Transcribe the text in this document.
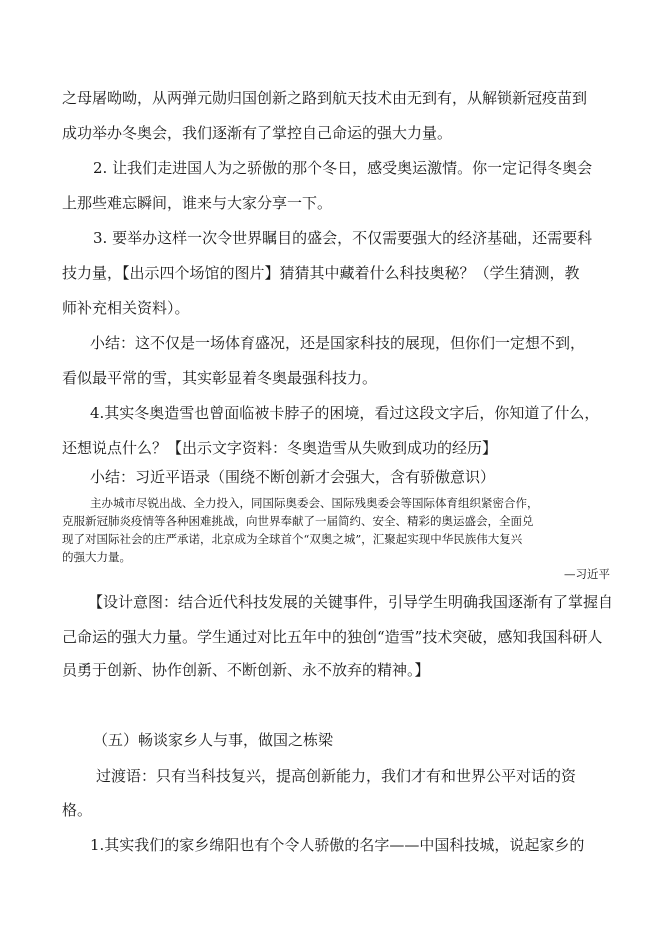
之母屠呦呦，从两弹元勋归国创新之路到航天技术由无到有，从解锁新冠疫苗到
成功举办冬奥会，我们逐渐有了掌控自己命运的强大力量。
2. 让我们走进国人为之骄傲的那个冬日，感受奥运激情。你一定记得冬奥会
上那些难忘瞬间，谁来与大家分享一下。
3. 要举办这样一次令世界瞩目的盛会，不仅需要强大的经济基础，还需要科
技力量，【出示四个场馆的图片】猜猜其中藏着什么科技奥秘？（学生猜测，教
师补充相关资料）。
小结：这不仅是一场体育盛况，还是国家科技的展现，但你们一定想不到，
看似最平常的雪，其实彰显着冬奥最强科技力。
4.其实冬奥造雪也曾面临被卡脖子的困境，看过这段文字后，你知道了什么，
还想说点什么？【出示文字资料：冬奥造雪从失败到成功的经历】
小结：习近平语录（围绕不断创新才会强大，含有骄傲意识）
主办城市尽锐出战、全力投入，同国际奥委会、国际残奥委会等国际体育组织紧密合作，
克服新冠肺炎疫情等各种困难挑战，向世界奉献了一届简约、安全、精彩的奥运盛会，全面兑
现了对国际社会的庄严承诺，北京成为全球首个“双奥之城”，汇聚起实现中华民族伟大复兴
的强大力量。
—习近平
【设计意图：结合近代科技发展的关键事件，引导学生明确我国逐渐有了掌握自
己命运的强大力量。学生通过对比五年中的独创“造雪”技术突破，感知我国科研人
员勇于创新、协作创新、不断创新、永不放弃的精神。】
（五）畅谈家乡人与事，做国之栋梁
过渡语：只有当科技复兴，提高创新能力，我们才有和世界公平对话的资
格。
1.其实我们的家乡绵阳也有个令人骄傲的名字——中国科技城，说起家乡的
